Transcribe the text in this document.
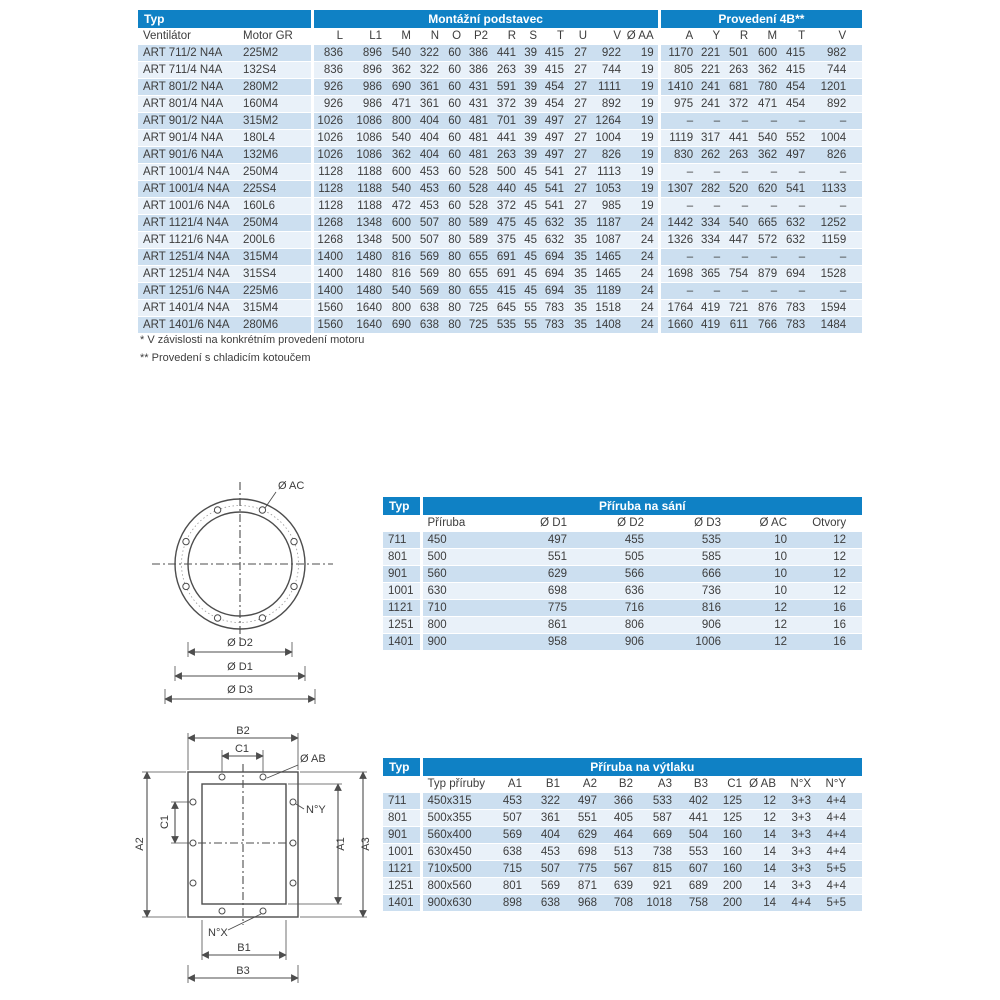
Typ		Montážní podstavec												Provedení 4B**					
Ventilátor	Motor GR	L	L1	M	N	O	P2	R	S	T	U	V	Ø AA	A	Y	R	M	T	V
ART 711/2 N4A	225M2	836	896	540	322	60	386	441	39	415	27	922	19	1170	221	501	600	415	982
ART 711/4 N4A	132S4	836	896	362	322	60	386	263	39	415	27	744	19	805	221	263	362	415	744
ART 801/2 N4A	280M2	926	986	690	361	60	431	591	39	454	27	1111	19	1410	241	681	780	454	1201
ART 801/4 N4A	160M4	926	986	471	361	60	431	372	39	454	27	892	19	975	241	372	471	454	892
ART 901/2 N4A	315M2	1026	1086	800	404	60	481	701	39	497	27	1264	19	–	–	–	–	–	–
ART 901/4 N4A	180L4	1026	1086	540	404	60	481	441	39	497	27	1004	19	1119	317	441	540	552	1004
ART 901/6 N4A	132M6	1026	1086	362	404	60	481	263	39	497	27	826	19	830	262	263	362	497	826
ART 1001/4 N4A	250M4	1128	1188	600	453	60	528	500	45	541	27	1113	19	–	–	–	–	–	–
ART 1001/4 N4A	225S4	1128	1188	540	453	60	528	440	45	541	27	1053	19	1307	282	520	620	541	1133
ART 1001/6 N4A	160L6	1128	1188	472	453	60	528	372	45	541	27	985	19	–	–	–	–	–	–
ART 1121/4 N4A	250M4	1268	1348	600	507	80	589	475	45	632	35	1187	24	1442	334	540	665	632	1252
ART 1121/6 N4A	200L6	1268	1348	500	507	80	589	375	45	632	35	1087	24	1326	334	447	572	632	1159
ART 1251/4 N4A	315M4	1400	1480	816	569	80	655	691	45	694	35	1465	24	–	–	–	–	–	–
ART 1251/4 N4A	315S4	1400	1480	816	569	80	655	691	45	694	35	1465	24	1698	365	754	879	694	1528
ART 1251/6 N4A	225M6	1400	1480	540	569	80	655	415	45	694	35	1189	24	–	–	–	–	–	–
ART 1401/4 N4A	315M4	1560	1640	800	638	80	725	645	55	783	35	1518	24	1764	419	721	876	783	1594
ART 1401/6 N4A	280M6	1560	1640	690	638	80	725	535	55	783	35	1408	24	1660	419	611	766	783	1484
* V závislosti na konkrétním provedení motoru
** Provedení s chladicím kotoučem
Ø AC
Ø D2
Ø D1
Ø D3
Typ	Příruba na sání					
	Příruba	Ø D1	Ø D2	Ø D3	Ø AC	Otvory
711	450	497	455	535	10	12
801	500	551	505	585	10	12
901	560	629	566	666	10	12
1001	630	698	636	736	10	12
1121	710	775	716	816	12	16
1251	800	861	806	906	12	16
1401	900	958	906	1006	12	16
B2
C1
Ø AB
N°Y
C1
A2	A1 A3
N°X
B1
B3
Typ	Příruba na výtlaku										
	Typ příruby	A1	B1	A2	B2	A3	B3	C1	Ø AB	N°X	N°Y
711	450x315	453	322	497	366	533	402	125	12	3+3	4+4
801	500x355	507	361	551	405	587	441	125	12	3+3	4+4
901	560x400	569	404	629	464	669	504	160	14	3+3	4+4
1001	630x450	638	453	698	513	738	553	160	14	3+3	4+4
1121	710x500	715	507	775	567	815	607	160	14	3+3	5+5
1251	800x560	801	569	871	639	921	689	200	14	3+3	4+4
1401	900x630	898	638	968	708	1018	758	200	14	4+4	5+5
